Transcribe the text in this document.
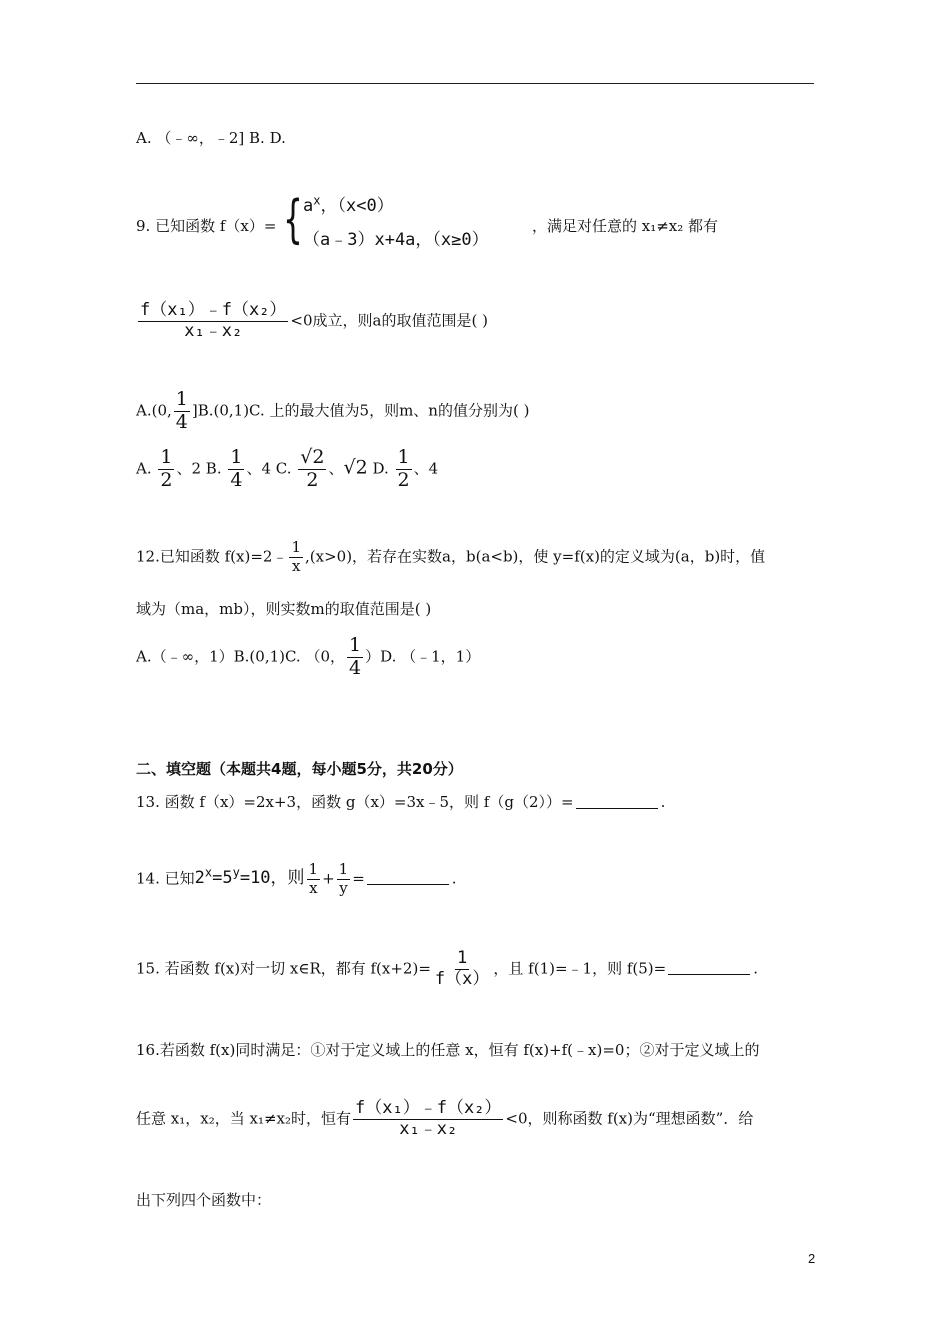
A. （﹣∞，﹣2] B. D.
9. 已知函数 f（x）= { $a^x$，（x<0）
（a﹣3）x+4a，（x≥0）
，满足对任意的 x₁≠x₂ 都有
$\frac{\text{f（x₁）﹣f（x₂）}}{\text{x₁﹣x₂}} <0$成立，则a的取值范围是( )
A.(0, $\frac{1}{4} ]B.(0,1)C$. 上的最大值为5，则m、n的值分别为( )
A. $\frac{1}{2}$ 、2 B. $\frac{1}{4}$ 、4 C. $\frac{√2}{2}$ 、√2 D. $\frac{1}{2}$ 、4
12.已知函数 f(x)=2﹣ $\frac{1}{x} ,(x>0)$，若存在实数a，b(a<b)，使 y=f(x)的定义域为(a，b)时，值
域为（ma，mb），则实数m的取值范围是( )
A.（﹣∞，1）B.(0,1)C. （0， $\frac{1}{4} )D$. （﹣1，1）
二、填空题（本题共4题，每小题5分，共20分）
13. 函数 f（x）=2x+3，函数 g（x）=3x﹣5，则 f（g（2））=	.
14. 已知$2^x=5^y=10$，则 $\frac{1}{x} + \frac{1}{y}$ =	.
15. 若函数 f(x)对一切 x∈R，都有 $f(x+2)= \frac{1}{f(x)}$ ，且 f(1)=﹣1，则 f(5)=	.
16.若函数 f(x)同时满足：①对于定义域上的任意 x，恒有 f(x)+f(﹣x)=0；②对于定义域上的
任意 x₁，x₂，当 x₁≠x₂时，恒有 $\frac{\text{f（x₁）﹣f（x₂）}}{\text{x₁﹣x₂}} <0$，则称函数 f(x)为“理想函数”．给
出下列四个函数中：
2
